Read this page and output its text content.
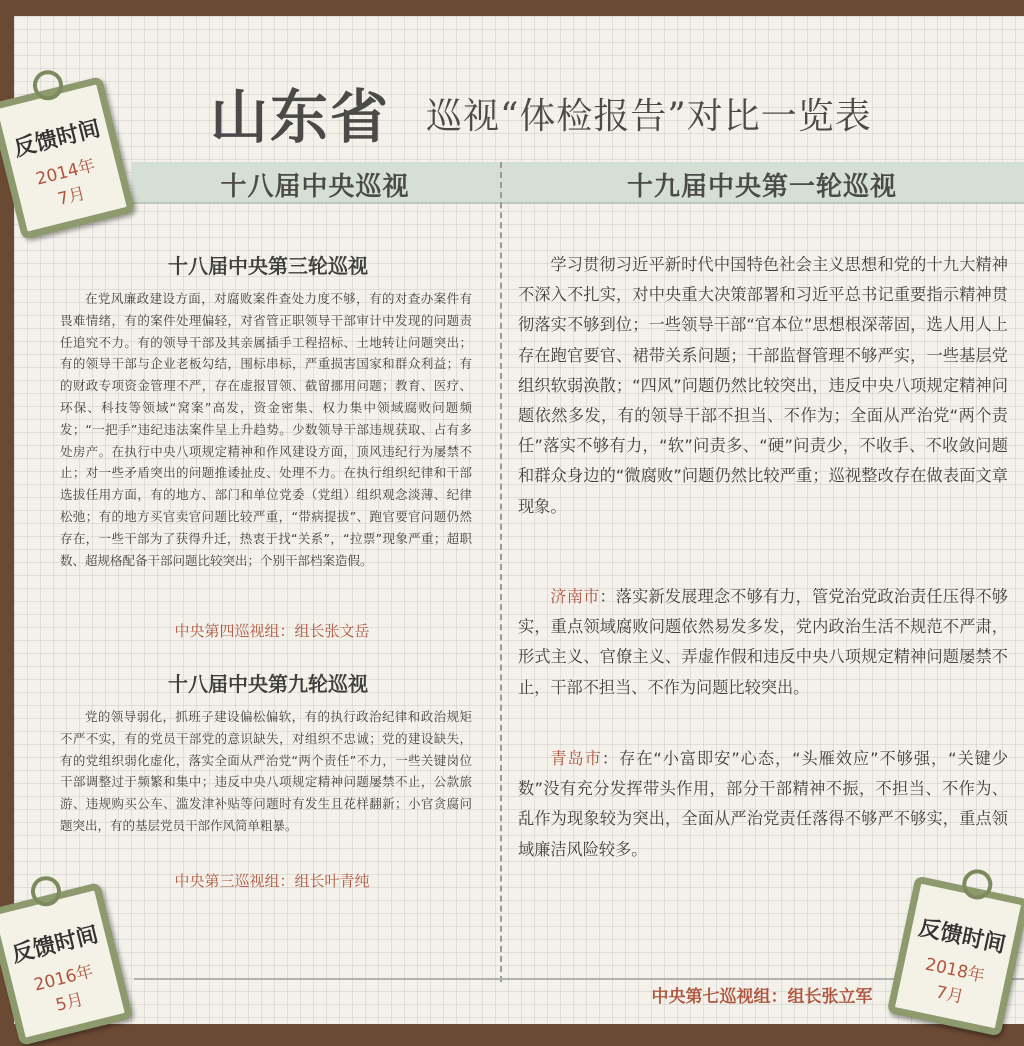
山东省 巡视“体检报告”对比一览表
十八届中央巡视	十九届中央第一轮巡视
十八届中央第三轮巡视

在党风廉政建设方面，对腐败案件查处力度不够，有的对查办案件有畏难情绪，有的案件处理偏轻，对省管正职领导干部审计中发现的问题责任追究不力。有的领导干部及其亲属插手工程招标、土地转让问题突出；有的领导干部与企业老板勾结，围标串标，严重损害国家和群众利益；有的财政专项资金管理不严，存在虚报冒领、截留挪用问题；教育、医疗、环保、科技等领域“窝案”高发，资金密集、权力集中领域腐败问题频发；“一把手”违纪违法案件呈上升趋势。少数领导干部违规获取、占有多处房产。在执行中央八项规定精神和作风建设方面，顶风违纪行为屡禁不止；对一些矛盾突出的问题推诿扯皮、处理不力。在执行组织纪律和干部选拔任用方面，有的地方、部门和单位党委（党组）组织观念淡薄、纪律松弛；有的地方买官卖官问题比较严重，“带病提拔”、跑官要官问题仍然存在，一些干部为了获得升迁，热衷于找“关系”，“拉票”现象严重；超职数、超规格配备干部问题比较突出；个别干部档案造假。

中央第四巡视组：组长张文岳
十八届中央第九轮巡视

党的领导弱化，抓班子建设偏松偏软，有的执行政治纪律和政治规矩不严不实，有的党员干部党的意识缺失，对组织不忠诚；党的建设缺失，有的党组织弱化虚化，落实全面从严治党“两个责任”不力，一些关键岗位干部调整过于频繁和集中；违反中央八项规定精神问题屡禁不止，公款旅游、违规购买公车、滥发津补贴等问题时有发生且花样翻新；小官贪腐问题突出，有的基层党员干部作风简单粗暴。

中央第三巡视组：组长叶青纯

学习贯彻习近平新时代中国特色社会主义思想和党的十九大精神不深入不扎实，对中央重大决策部署和习近平总书记重要指示精神贯彻落实不够到位；一些领导干部“官本位”思想根深蒂固，选人用人上存在跑官要官、裙带关系问题；干部监督管理不够严实，一些基层党组织软弱涣散；“四风”问题仍然比较突出，违反中央八项规定精神问题依然多发，有的领导干部不担当、不作为；全面从严治党“两个责任”落实不够有力，“软”问责多、“硬”问责少，不收手、不收敛问题和群众身边的“微腐败”问题仍然比较严重；巡视整改存在做表面文章现象。

济南市：落实新发展理念不够有力，管党治党政治责任压得不够实，重点领域腐败问题依然易发多发，党内政治生活不规范不严肃，形式主义、官僚主义、弄虚作假和违反中央八项规定精神问题屡禁不止，干部不担当、不作为问题比较突出。

青岛市：存在“小富即安”心态，“头雁效应”不够强，“关键少数”没有充分发挥带头作用，部分干部精神不振，不担当、不作为、乱作为现象较为突出，全面从严治党责任落得不够严不够实，重点领域廉洁风险较多。

中央第七巡视组：组长张立军
反馈时间
2014年
7月
反馈时间
2016年
5月
反馈时间
2018年
7月
